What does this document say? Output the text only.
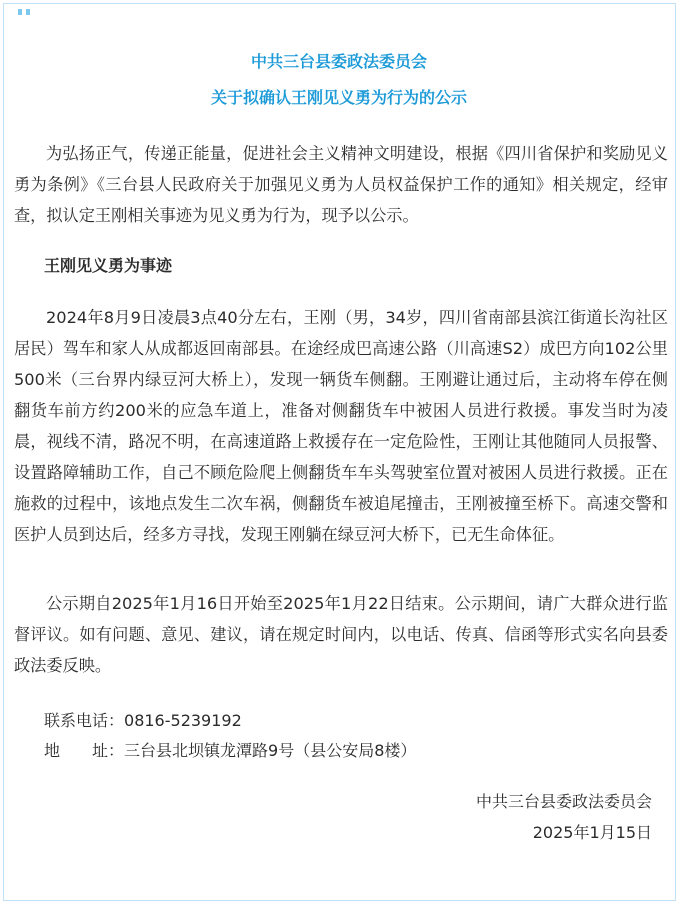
中共三台县委政法委员会
关于拟确认王刚见义勇为行为的公示

为弘扬正气，传递正能量，促进社会主义精神文明建设，根据《四川省保护和奖励见义勇为条例》《三台县人民政府关于加强见义勇为人员权益保护工作的通知》相关规定，经审查，拟认定王刚相关事迹为见义勇为行为，现予以公示。

王刚见义勇为事迹

2024年8月9日凌晨3点40分左右，王刚（男，34岁，四川省南部县滨江街道长沟社区居民）驾车和家人从成都返回南部县。在途经成巴高速公路（川高速S2）成巴方向102公里500米（三台界内绿豆河大桥上），发现一辆货车侧翻。王刚避让通过后，主动将车停在侧翻货车前方约200米的应急车道上，准备对侧翻货车中被困人员进行救援。事发当时为凌晨，视线不清，路况不明，在高速道路上救援存在一定危险性，王刚让其他随同人员报警、设置路障辅助工作，自己不顾危险爬上侧翻货车车头驾驶室位置对被困人员进行救援。正在施救的过程中，该地点发生二次车祸，侧翻货车被追尾撞击，王刚被撞至桥下。高速交警和医护人员到达后，经多方寻找，发现王刚躺在绿豆河大桥下，已无生命体征。

公示期自2025年1月16日开始至2025年1月22日结束。公示期间，请广大群众进行监督评议。如有问题、意见、建议，请在规定时间内，以电话、传真、信函等形式实名向县委政法委反映。

联系电话：0816-5239192
地　　址：三台县北坝镇龙潭路9号（县公安局8楼）
中共三台县委政法委员会
2025年1月15日
